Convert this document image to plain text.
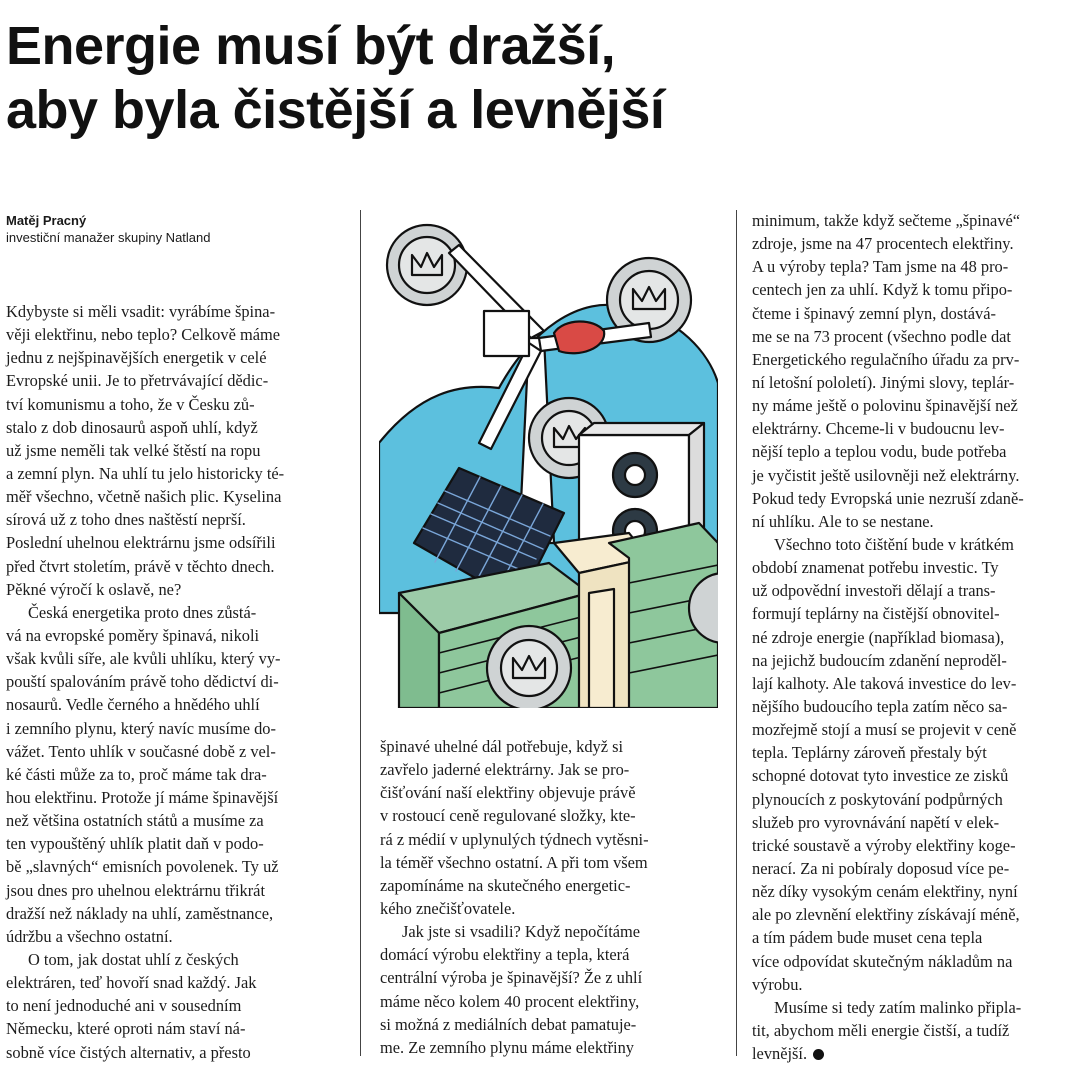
Energie musí být dražší,
aby byla čistější a levnější
Matěj Pracný
investiční manažer skupiny Natland
Kdybyste si měli vsadit: vyrábíme špina-
věji elektřinu, nebo teplo? Celkově máme
jednu z nejšpinavějších energetik v celé
Evropské unii. Je to přetrvávající dědic-
tví komunismu a toho, že v Česku zů-
stalo z dob dinosaurů aspoň uhlí, když
už jsme neměli tak velké štěstí na ropu
a zemní plyn. Na uhlí tu jelo historicky té-
měř všechno, včetně našich plic. Kyselina
sírová už z toho dnes naštěstí neprší.
Poslední uhelnou elektrárnu jsme odsířili
před čtvrt stoletím, právě v těchto dnech.
Pěkné výročí k oslavě, ne?
Česká energetika proto dnes zůstá-
vá na evropské poměry špinavá, nikoli
však kvůli síře, ale kvůli uhlíku, který vy-
pouští spalováním právě toho dědictví di-
nosaurů. Vedle černého a hnědého uhlí
i zemního plynu, který navíc musíme do-
vážet. Tento uhlík v současné době z vel-
ké části může za to, proč máme tak dra-
hou elektřinu. Protože jí máme špinavější
než většina ostatních států a musíme za
ten vypouštěný uhlík platit daň v podo-
bě „slavných“ emisních povolenek. Ty už
jsou dnes pro uhelnou elektrárnu třikrát
dražší než náklady na uhlí, zaměstnance,
údržbu a všechno ostatní.
O tom, jak dostat uhlí z českých
elektráren, teď hovoří snad každý. Jak
to není jednoduché ani v sousedním
Německu, které oproti nám staví ná-
sobně více čistých alternativ, a přesto
špinavé uhelné dál potřebuje, když si
zavřelo jaderné elektrárny. Jak se pro-
čišťování naší elektřiny objevuje právě
v rostoucí ceně regulované složky, kte-
rá z médií v uplynulých týdnech vytěsni-
la téměř všechno ostatní. A při tom všem
zapomínáme na skutečného energetic-
kého znečišťovatele.
Jak jste si vsadili? Když nepočítáme
domácí výrobu elektřiny a tepla, která
centrální výroba je špinavější? Že z uhlí
máme něco kolem 40 procent elektřiny,
si možná z mediálních debat pamatuje-
me. Ze zemního plynu máme elektřiny
minimum, takže když sečteme „špinavé“
zdroje, jsme na 47 procentech elektřiny.
A u výroby tepla? Tam jsme na 48 pro-
centech jen za uhlí. Když k tomu připo-
čteme i špinavý zemní plyn, dostává-
me se na 73 procent (všechno podle dat
Energetického regulačního úřadu za prv-
ní letošní pololetí). Jinými slovy, teplár-
ny máme ještě o polovinu špinavější než
elektrárny. Chceme-li v budoucnu lev-
nější teplo a teplou vodu, bude potřeba
je vyčistit ještě usilovněji než elektrárny.
Pokud tedy Evropská unie nezruší zdaně-
ní uhlíku. Ale to se nestane.
Všechno toto čištění bude v krátkém
období znamenat potřebu investic. Ty
už odpovědní investoři dělají a trans-
formují teplárny na čistější obnovitel-
né zdroje energie (například biomasa),
na jejichž budoucím zdanění neproděl-
lají kalhoty. Ale taková investice do lev-
nějšího budoucího tepla zatím něco sa-
mozřejmě stojí a musí se projevit v ceně
tepla. Teplárny zároveň přestaly být
schopné dotovat tyto investice ze zisků
plynoucích z poskytování podpůrných
služeb pro vyrovnávání napětí v elek-
trické soustavě a výroby elektřiny koge-
nerací. Za ni pobíraly doposud více pe-
něz díky vysokým cenám elektřiny, nyní
ale po zlevnění elektřiny získávají méně,
a tím pádem bude muset cena tepla
více odpovídat skutečným nákladům na
výrobu.
Musíme si tedy zatím malinko připla-
tit, abychom měli energie čistší, a tudíž
levnější.
